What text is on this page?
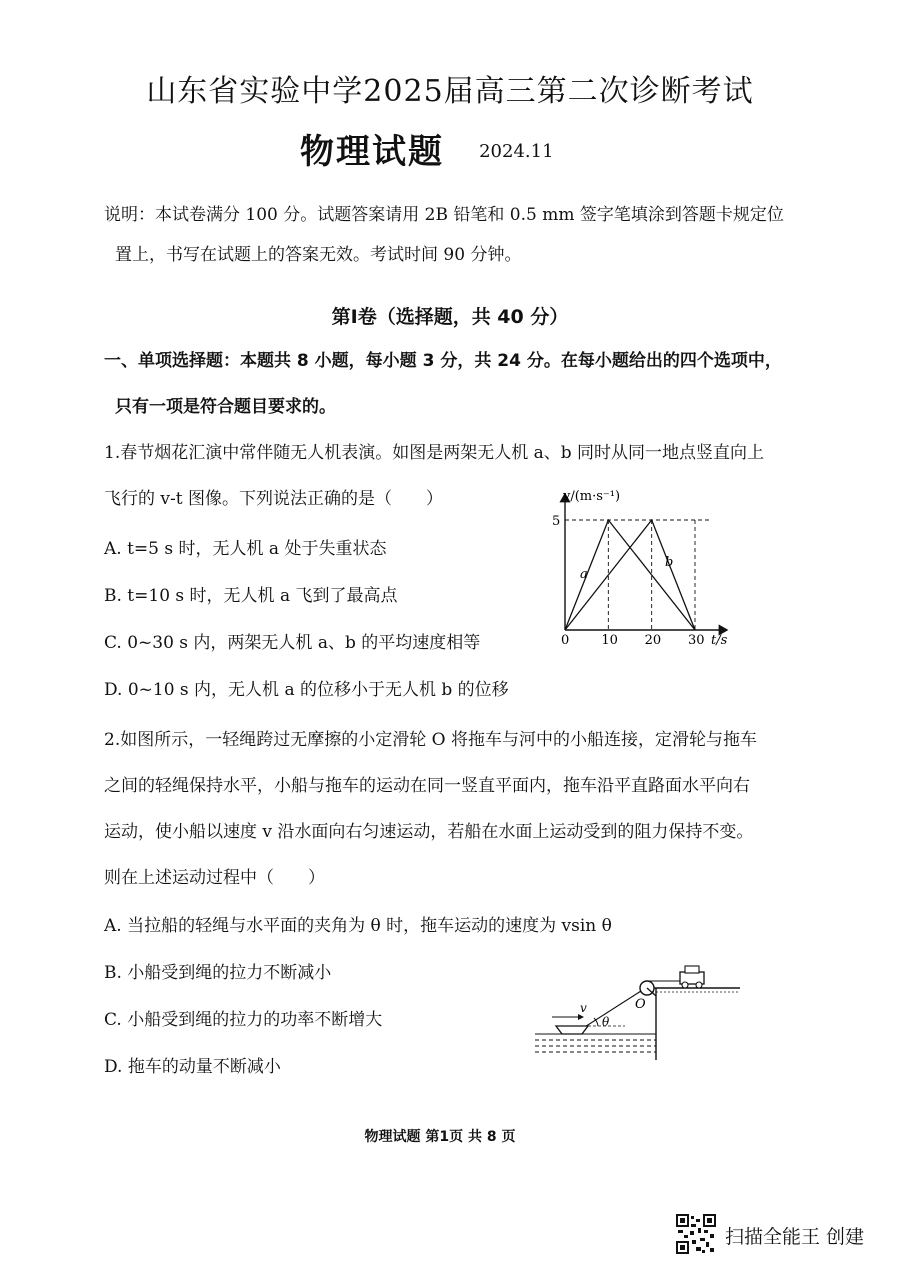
山东省实验中学2025届高三第二次诊断考试
物理试题 2024.11
说明：本试卷满分 100 分。试题答案请用 2B 铅笔和 0.5 mm 签字笔填涂到答题卡规定位
置上，书写在试题上的答案无效。考试时间 90 分钟。
第Ⅰ卷（选择题，共 40 分）
一、单项选择题：本题共 8 小题，每小题 3 分，共 24 分。在每小题给出的四个选项中，
只有一项是符合题目要求的。
1.春节烟花汇演中常伴随无人机表演。如图是两架无人机 a、b 同时从同一地点竖直向上
飞行的 v-t 图像。下列说法正确的是（　　）
A. t=5 s 时，无人机 a 处于失重状态
B. t=10 s 时，无人机 a 飞到了最高点
C. 0~30 s 内，两架无人机 a、b 的平均速度相等
D. 0~10 s 内，无人机 a 的位移小于无人机 b 的位移
0 10 20 30
5
v/(m·s⁻¹)
t/s
a
b
2.如图所示，一轻绳跨过无摩擦的小定滑轮 O 将拖车与河中的小船连接，定滑轮与拖车
之间的轻绳保持水平，小船与拖车的运动在同一竖直平面内，拖车沿平直路面水平向右
运动，使小船以速度 v 沿水面向右匀速运动，若船在水面上运动受到的阻力保持不变。
则在上述运动过程中（　　）
A. 当拉船的轻绳与水平面的夹角为 θ 时，拖车运动的速度为 vsin θ
B. 小船受到绳的拉力不断减小
C. 小船受到绳的拉力的功率不断增大
D. 拖车的动量不断减小
O
v
θ
物理试题 第1页 共 8 页
扫描全能王 创建
